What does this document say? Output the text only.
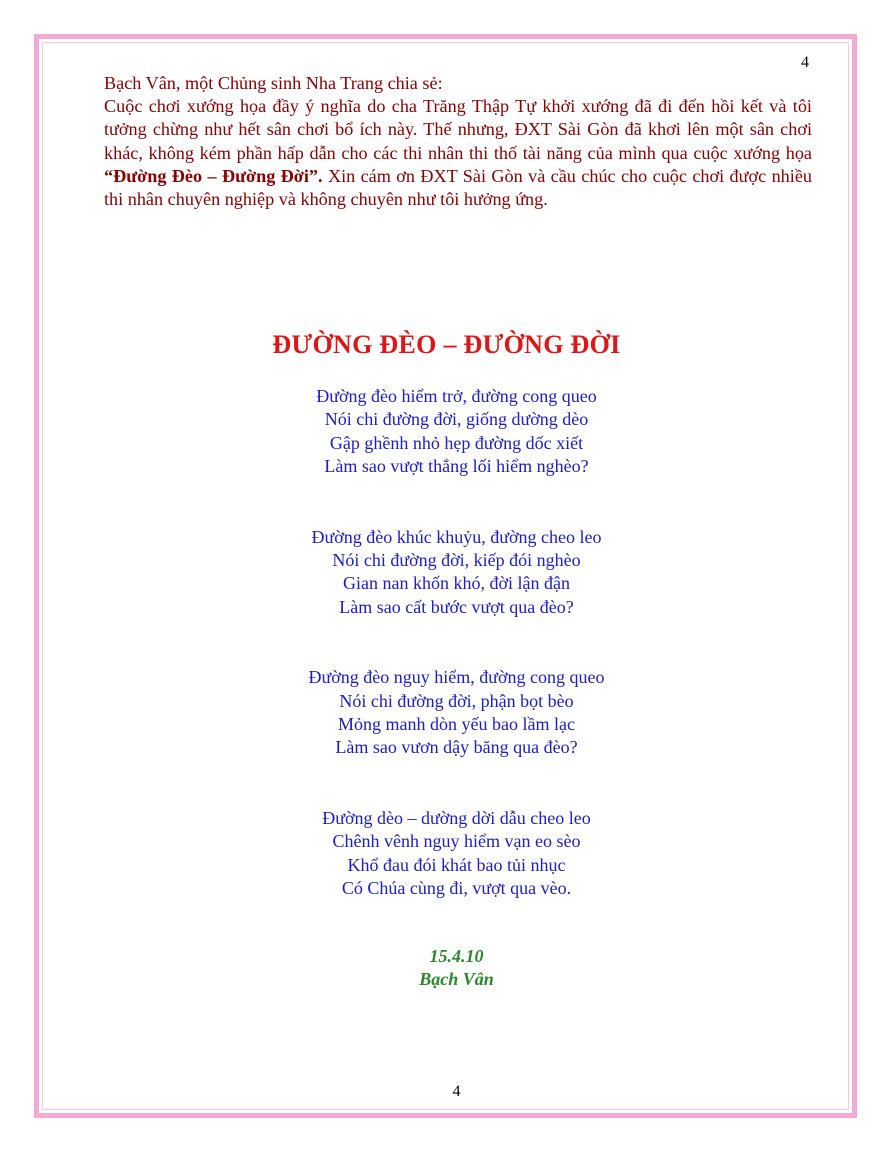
4

Bạch Vân, một Chủng sinh Nha Trang chia sẻ:

Cuộc chơi xướng họa đầy ý nghĩa do cha Trăng Thập Tự khởi xướng đã đi đến hồi kết và tôi tưởng chừng như hết sân chơi bổ ích này. Thế nhưng, ĐXT Sài Gòn đã khơi lên một sân chơi khác, không kém phần hấp dẫn cho các thi nhân thi thố tài năng của mình qua cuộc xướng họa “Đường Đèo – Đường Đời”. Xin cám ơn ĐXT Sài Gòn và cầu chúc cho cuộc chơi được nhiều thi nhân chuyên nghiệp và không chuyên như tôi hưởng ứng.

ĐƯỜNG ĐÈO – ĐƯỜNG ĐỜI
Đường đèo hiểm trở, đường cong queo
Nói chi đường đời, giống dường dèo
Gập ghềnh nhỏ hẹp đường dốc xiết
Làm sao vượt thắng lối hiểm nghèo?
Đường đèo khúc khuỷu, đường cheo leo
Nói chi đường đời, kiếp đói nghèo
Gian nan khốn khó, đời lận đận
Làm sao cất bước vượt qua đèo?
Đường đèo nguy hiểm, đường cong queo
Nói chi đường đời, phận bọt bèo
Mỏng manh dòn yếu bao lầm lạc
Làm sao vươn dậy băng qua đèo?
Đường dèo – dường dời dẫu cheo leo
Chênh vênh nguy hiểm vạn eo sèo
Khổ đau đói khát bao tủi nhục
Có Chúa cùng đi, vượt qua vèo.
15.4.10
Bạch Vân
4
